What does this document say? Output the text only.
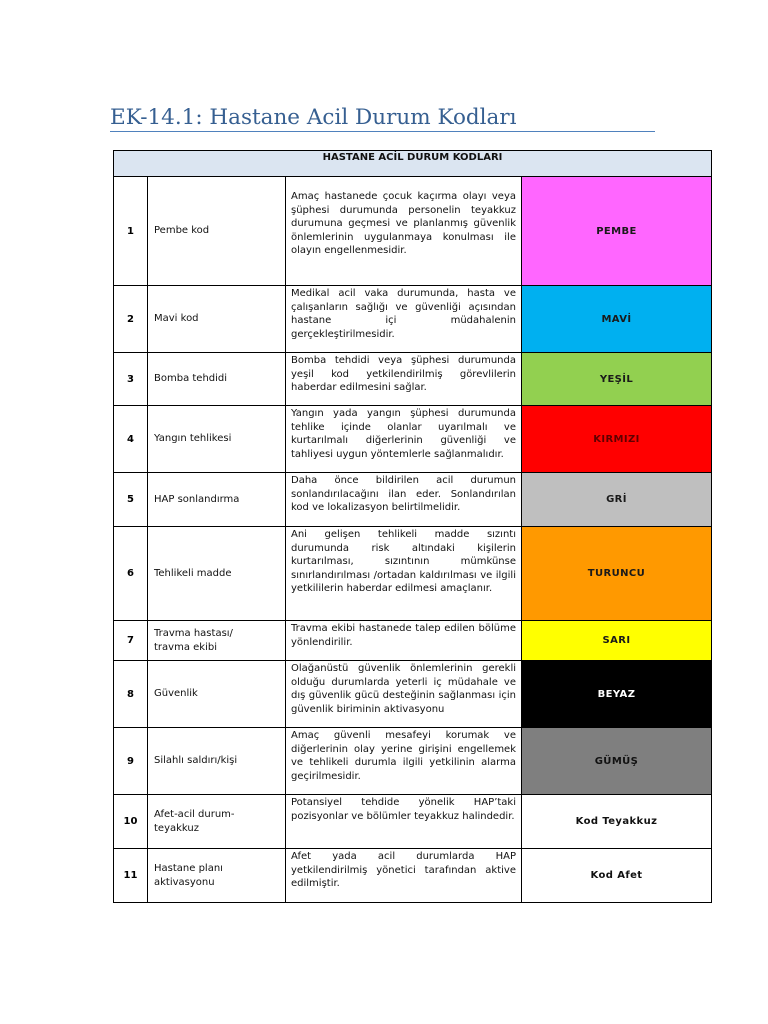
EK-14.1: Hastane Acil Durum Kodları
HASTANE ACİL DURUM KODLARI			
1	Pembe kod	Amaç hastanede çocuk kaçırma olayı veya şüphesi durumunda personelin teyakkuz durumuna geçmesi ve planlanmış güvenlik önlemlerinin uygulanmaya konulması ile olayın engellenmesidir.	PEMBE
2	Mavi kod	Medikal acil vaka durumunda, hasta ve çalışanların sağlığı ve güvenliği açısından hastane içi müdahalenin gerçekleştirilmesidir.	MAVİ
3	Bomba tehdidi	Bomba tehdidi veya şüphesi durumunda yeşil kod yetkilendirilmiş görevlilerin haberdar edilmesini sağlar.	YEŞİL
4	Yangın tehlikesi	Yangın yada yangın şüphesi durumunda tehlike içinde olanlar uyarılmalı ve kurtarılmalı diğerlerinin güvenliği ve tahliyesi uygun yöntemlerle sağlanmalıdır.	KIRMIZI
5	HAP sonlandırma	Daha önce bildirilen acil durumun sonlandırılacağını ilan eder. Sonlandırılan kod ve lokalizasyon belirtilmelidir.	GRİ
6	Tehlikeli madde	Ani gelişen tehlikeli madde sızıntı durumunda risk altındaki kişilerin kurtarılması, sızıntının mümkünse sınırlandırılması /ortadan kaldırılması ve ilgili yetkililerin haberdar edilmesi amaçlanır.	TURUNCU
7	Travma hastası/ travma ekibi	Travma ekibi hastanede talep edilen bölüme yönlendirilir.	SARI
8	Güvenlik	Olağanüstü güvenlik önlemlerinin gerekli olduğu durumlarda yeterli iç müdahale ve dış güvenlik gücü desteğinin sağlanması için güvenlik biriminin aktivasyonu	BEYAZ
9	Silahlı saldırı/kişi	Amaç güvenli mesafeyi korumak ve diğerlerinin olay yerine girişini engellemek ve tehlikeli durumla ilgili yetkilinin alarma geçirilmesidir.	GÜMÜŞ
10	Afet-acil durum-teyakkuz	Potansiyel tehdide yönelik HAP’taki pozisyonlar ve bölümler teyakkuz halindedir.	Kod Teyakkuz
11	Hastane planı aktivasyonu	Afet yada acil durumlarda HAP yetkilendirilmiş yönetici tarafından aktive edilmiştir.	Kod Afet
